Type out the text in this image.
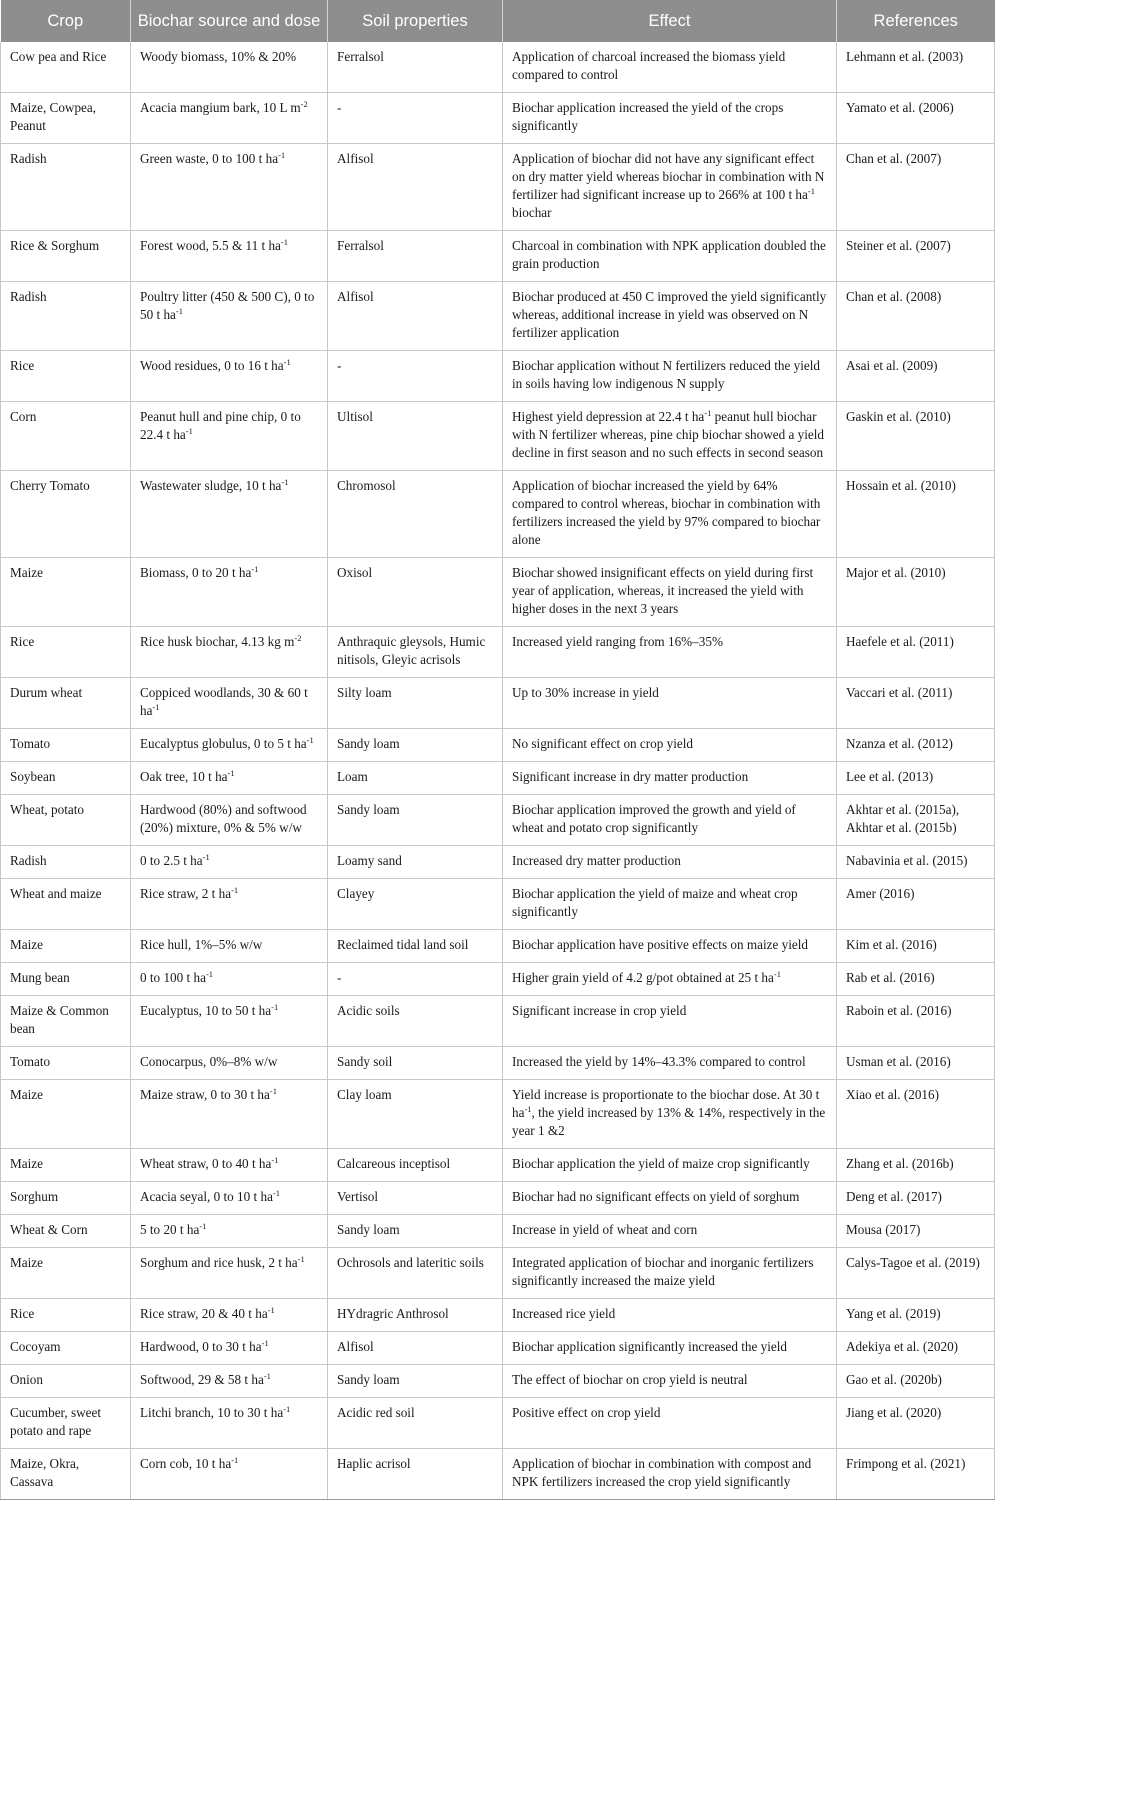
Crop	Biochar source and dose	Soil properties	Effect	References
Cow pea and Rice	Woody biomass, 10% & 20%	Ferralsol	Application of charcoal increased the biomass yield compared to control	Lehmann et al. (2003)
Maize, Cowpea, Peanut	Acacia mangium bark, 10 L $m^{-2}$	-	Biochar application increased the yield of the crops significantly	Yamato et al. (2006)
Radish	Green waste, 0 to 100 t $ha^{-1}$	Alfisol	Application of biochar did not have any significant effect on dry matter yield whereas biochar in combination with N fertilizer had significant increase up to 266% at 100 t $ha^{-1}$ biochar	Chan et al. (2007)
Rice & Sorghum	Forest wood, 5.5 & 11 t $ha^{-1}$	Ferralsol	Charcoal in combination with NPK application doubled the grain production	Steiner et al. (2007)
Radish	Poultry litter (450 & 500 C), 0 to 50 t $ha^{-1}$	Alfisol	Biochar produced at 450 C improved the yield significantly whereas, additional increase in yield was observed on N fertilizer application	Chan et al. (2008)
Rice	Wood residues, 0 to 16 t $ha^{-1}$	-	Biochar application without N fertilizers reduced the yield in soils having low indigenous N supply	Asai et al. (2009)
Corn	Peanut hull and pine chip, 0 to 22.4 t $ha^{-1}$	Ultisol	Highest yield depression at 22.4 t $ha^{-1}$ peanut hull biochar with N fertilizer whereas, pine chip biochar showed a yield decline in first season and no such effects in second season	Gaskin et al. (2010)
Cherry Tomato	Wastewater sludge, 10 t $ha^{-1}$	Chromosol	Application of biochar increased the yield by 64% compared to control whereas, biochar in combination with fertilizers increased the yield by 97% compared to biochar alone	Hossain et al. (2010)
Maize	Biomass, 0 to 20 t $ha^{-1}$	Oxisol	Biochar showed insignificant effects on yield during first year of application, whereas, it increased the yield with higher doses in the next 3 years	Major et al. (2010)
Rice	Rice husk biochar, 4.13 kg $m^{-2}$	Anthraquic gleysols, Humic nitisols, Gleyic acrisols	Increased yield ranging from 16%–35%	Haefele et al. (2011)
Durum wheat	Coppiced woodlands, 30 & 60 t $ha^{-1}$	Silty loam	Up to 30% increase in yield	Vaccari et al. (2011)
Tomato	Eucalyptus globulus, 0 to 5 t $ha^{-1}$	Sandy loam	No significant effect on crop yield	Nzanza et al. (2012)
Soybean	Oak tree, 10 t $ha^{-1}$	Loam	Significant increase in dry matter production	Lee et al. (2013)
Wheat, potato	Hardwood (80%) and softwood (20%) mixture, 0% & 5% w/w	Sandy loam	Biochar application improved the growth and yield of wheat and potato crop significantly	Akhtar et al. (2015a), Akhtar et al. (2015b)
Radish	0 to 2.5 t $ha^{-1}$	Loamy sand	Increased dry matter production	Nabavinia et al. (2015)
Wheat and maize	Rice straw, 2 t $ha^{-1}$	Clayey	Biochar application the yield of maize and wheat crop significantly	Amer (2016)
Maize	Rice hull, 1%–5% w/w	Reclaimed tidal land soil	Biochar application have positive effects on maize yield	Kim et al. (2016)
Mung bean	0 to 100 t $ha^{-1}$	-	Higher grain yield of 4.2 g/pot obtained at 25 t $ha^{-1}$	Rab et al. (2016)
Maize & Common bean	Eucalyptus, 10 to 50 t $ha^{-1}$	Acidic soils	Significant increase in crop yield	Raboin et al. (2016)
Tomato	Conocarpus, 0%–8% w/w	Sandy soil	Increased the yield by 14%–43.3% compared to control	Usman et al. (2016)
Maize	Maize straw, 0 to 30 t $ha^{-1}$	Clay loam	Yield increase is proportionate to the biochar dose. At 30 t $ha^{-1}$, the yield increased by 13% & 14%, respectively in the year 1 &2	Xiao et al. (2016)
Maize	Wheat straw, 0 to 40 t $ha^{-1}$	Calcareous inceptisol	Biochar application the yield of maize crop significantly	Zhang et al. (2016b)
Sorghum	Acacia seyal, 0 to 10 t $ha^{-1}$	Vertisol	Biochar had no significant effects on yield of sorghum	Deng et al. (2017)
Wheat & Corn	5 to 20 t $ha^{-1}$	Sandy loam	Increase in yield of wheat and corn	Mousa (2017)
Maize	Sorghum and rice husk, 2 t $ha^{-1}$	Ochrosols and lateritic soils	Integrated application of biochar and inorganic fertilizers significantly increased the maize yield	Calys-Tagoe et al. (2019)
Rice	Rice straw, 20 & 40 t $ha^{-1}$	HYdragric Anthrosol	Increased rice yield	Yang et al. (2019)
Cocoyam	Hardwood, 0 to 30 t $ha^{-1}$	Alfisol	Biochar application significantly increased the yield	Adekiya et al. (2020)
Onion	Softwood, 29 & 58 t $ha^{-1}$	Sandy loam	The effect of biochar on crop yield is neutral	Gao et al. (2020b)
Cucumber, sweet potato and rape	Litchi branch, 10 to 30 t $ha^{-1}$	Acidic red soil	Positive effect on crop yield	Jiang et al. (2020)
Maize, Okra, Cassava	Corn cob, 10 t $ha^{-1}$	Haplic acrisol	Application of biochar in combination with compost and NPK fertilizers increased the crop yield significantly	Frimpong et al. (2021)
